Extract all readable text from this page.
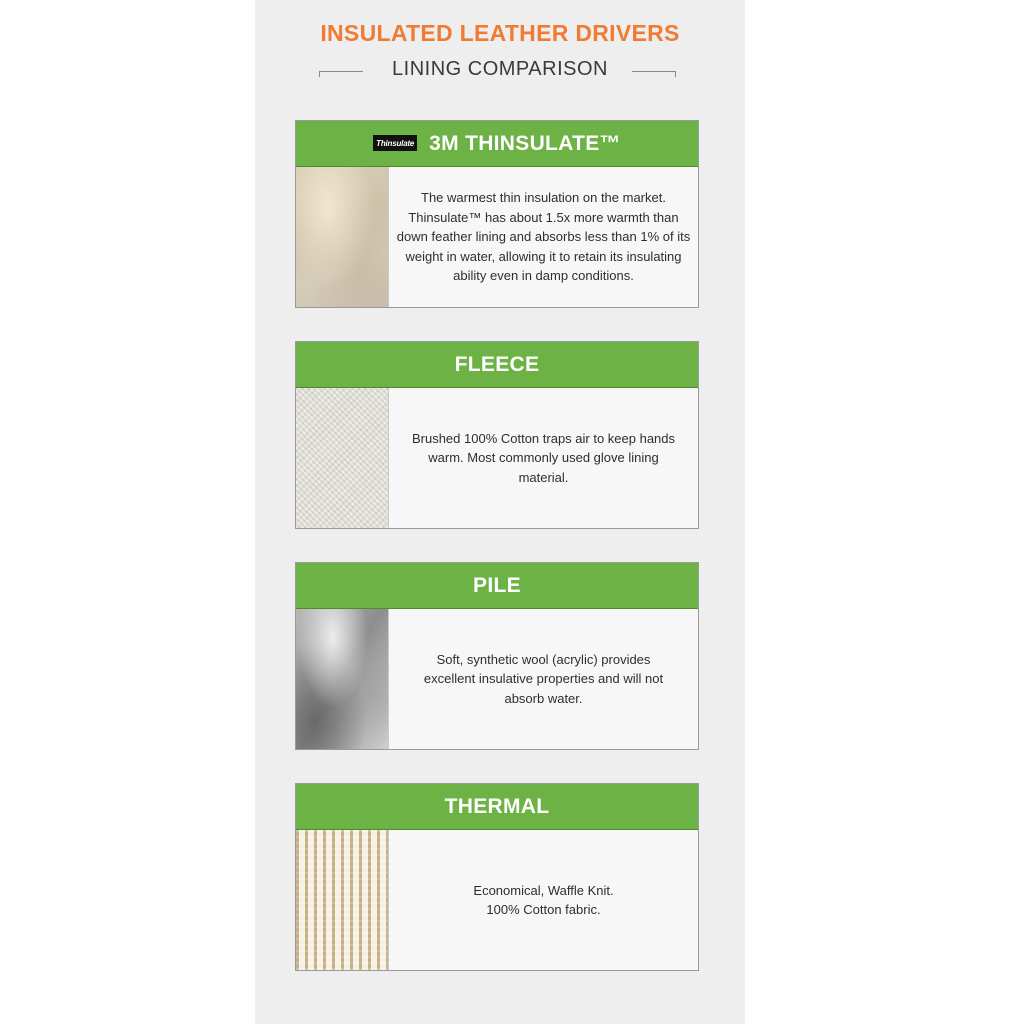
INSULATED LEATHER DRIVERS
LINING COMPARISON
Thinsulate 3M THINSULATE™
The warmest thin insulation on the market. Thinsulate™ has about 1.5x more warmth than down feather lining and absorbs less than 1% of its weight in water, allowing it to retain its insulating ability even in damp conditions.
FLEECE
Brushed 100% Cotton traps air to keep hands warm. Most commonly used glove lining material.
PILE
Soft, synthetic wool (acrylic) provides excellent insulative properties and will not absorb water.
THERMAL
Economical, Waffle Knit. 100% Cotton fabric.
